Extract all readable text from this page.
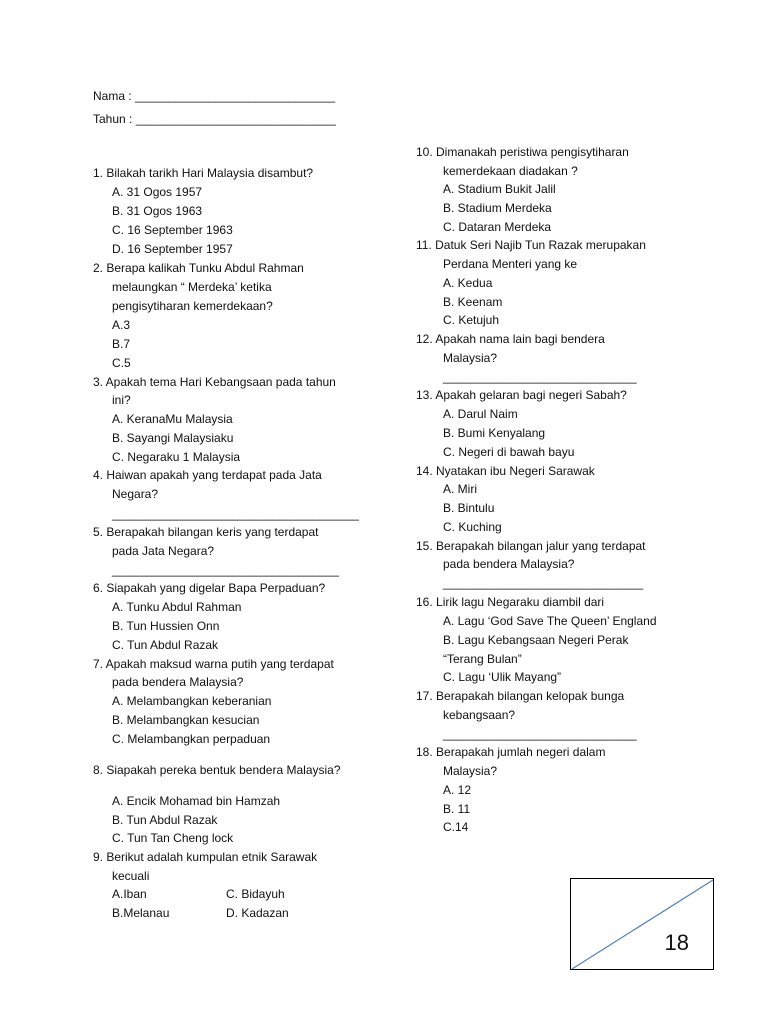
Nama : ______________________________
Tahun : ______________________________
1. Bilakah tarikh Hari Malaysia disambut?
A. 31 Ogos 1957
B. 31 Ogos 1963
C. 16 September 1963
D. 16 September 1957
2. Berapa kalikah Tunku Abdul Rahman
melaungkan “ Merdeka’ ketika
pengisytiharan kemerdekaan?
A.3
B.7
C.5
3. Apakah tema Hari Kebangsaan pada tahun
ini?
A. KeranaMu Malaysia
B. Sayangi Malaysiaku
C. Negaraku 1 Malaysia
4. Haiwan apakah yang terdapat pada Jata
Negara?
_____________________________________
5. Berapakah bilangan keris yang terdapat
pada Jata Negara?
__________________________________
6. Siapakah yang digelar Bapa Perpaduan?
A. Tunku Abdul Rahman
B. Tun Hussien Onn
C. Tun Abdul Razak
7. Apakah maksud warna putih yang terdapat
pada bendera Malaysia?
A. Melambangkan keberanian
B. Melambangkan kesucian
C. Melambangkan perpaduan
8. Siapakah pereka bentuk bendera Malaysia?
A. Encik Mohamad bin Hamzah
B. Tun Abdul Razak
C. Tun Tan Cheng lock
9. Berikut adalah kumpulan etnik Sarawak
kecuali
A.Iban	C. Bidayuh
B.Melanau	D. Kadazan
10. Dimanakah peristiwa pengisytiharan
kemerdekaan diadakan ?
A. Stadium Bukit Jalil
B. Stadium Merdeka
C. Dataran Merdeka
11. Datuk Seri Najib Tun Razak merupakan
Perdana Menteri yang ke
A. Kedua
B. Keenam
C. Ketujuh
12. Apakah nama lain bagi bendera
Malaysia?
_____________________________
13. Apakah gelaran bagi negeri Sabah?
A. Darul Naim
B. Bumi Kenyalang
C. Negeri di bawah bayu
14. Nyatakan ibu Negeri Sarawak
A. Miri
B. Bintulu
C. Kuching
15. Berapakah bilangan jalur yang terdapat
pada bendera Malaysia?
______________________________
16. Lirik lagu Negaraku diambil dari
A. Lagu ‘God Save The Queen’ England
B. Lagu Kebangsaan Negeri Perak
“Terang Bulan”
C. Lagu ‘Ulik Mayang”
17. Berapakah bilangan kelopak bunga
kebangsaan?
_____________________________
18. Berapakah jumlah negeri dalam
Malaysia?
A. 12
B. 11
C.14
18
